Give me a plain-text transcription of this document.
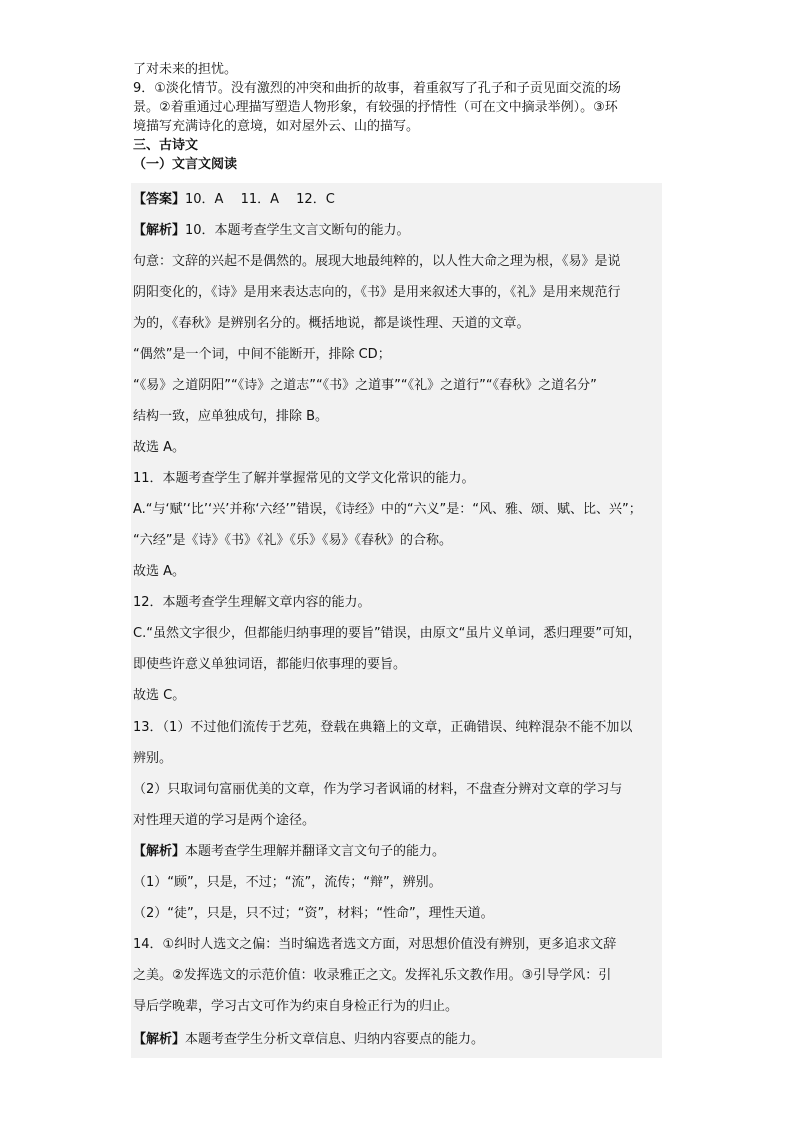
了对未来的担忧。
9．①淡化情节。没有激烈的冲突和曲折的故事，着重叙写了孔子和子贡见面交流的场
景。②着重通过心理描写塑造人物形象，有较强的抒情性（可在文中摘录举例）。③环
境描写充满诗化的意境，如对屋外云、山的描写。
三、古诗文
（一）文言文阅读
【答案】10．A　 11．A　 12．C
【解析】10．本题考查学生文言文断句的能力。
句意：文辞的兴起不是偶然的。展现大地最纯粹的，以人性大命之理为根，《易》是说
阴阳变化的，《诗》是用来表达志向的，《书》是用来叙述大事的，《礼》是用来规范行
为的，《春秋》是辨别名分的。概括地说，都是谈性理、天道的文章。
“偶然”是一个词，中间不能断开，排除 CD；
“《易》之道阴阳”“《诗》之道志”“《书》之道事”“《礼》之道行”“《春秋》之道名分”
结构一致，应单独成句，排除 B。
故选 A。
11．本题考查学生了解并掌握常见的文学文化常识的能力。
A.“与‘赋’‘比’‘兴’并称‘六经’”错误，《诗经》中的“六义”是：“风、雅、颂、赋、比、兴”；
“六经”是《诗》《书》《礼》《乐》《易》《春秋》的合称。
故选 A。
12．本题考查学生理解文章内容的能力。
C.“虽然文字很少，但都能归纳事理的要旨”错误，由原文“虽片义单词，悉归理要”可知，
即使些许意义单独词语，都能归依事理的要旨。
故选 C。
13．（1）不过他们流传于艺苑，登载在典籍上的文章，正确错误、纯粹混杂不能不加以
辨别。
（2）只取词句富丽优美的文章，作为学习者讽诵的材料，不盘查分辨对文章的学习与
对性理天道的学习是两个途径。
【解析】本题考查学生理解并翻译文言文句子的能力。
（1）“顾”，只是，不过；“流”，流传；“辩”，辨别。
（2）“徒”，只是，只不过；“资”，材料；“性命”，理性天道。
14．①纠时人选文之偏：当时编选者选文方面，对思想价值没有辨别，更多追求文辞
之美。②发挥选文的示范价值：收录雅正之文。发挥礼乐文教作用。③引导学风：引
导后学晚辈，学习古文可作为约束自身检正行为的归止。
【解析】本题考查学生分析文章信息、归纳内容要点的能力。
